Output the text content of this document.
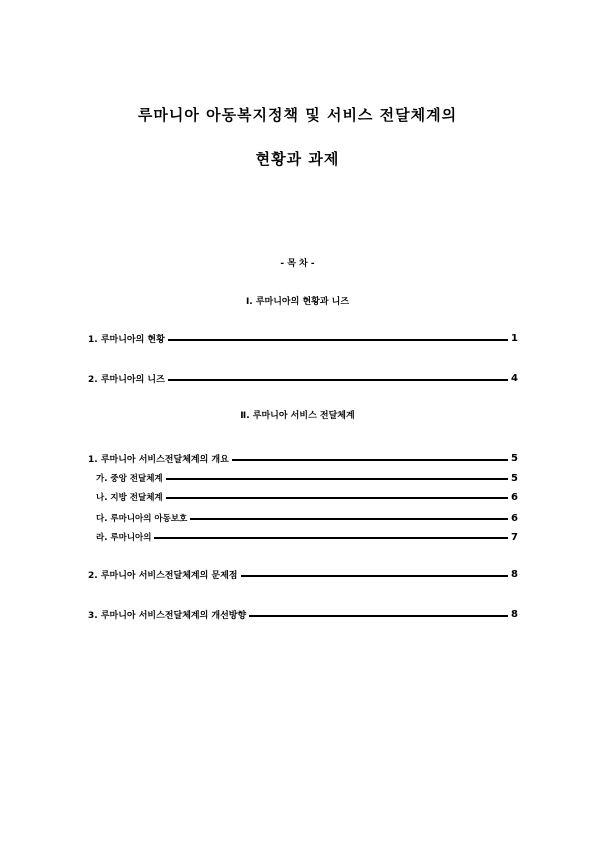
루마니아 아동복지정책 및 서비스 전달체계의
현황과 과제
- 목 차 -
Ⅰ. 루마니아의 현황과 니즈
1. 루마니아의 현황	1
2. 루마니아의 니즈	4
Ⅱ. 루마니아 서비스 전달체계
1. 루마니아 서비스전달체계의 개요	5
가. 중앙 전달체계	5
나. 지방 전달체계	6
다. 루마니아의 아동보호	6
라. 루마니아의	7
2. 루마니아 서비스전달체계의 문제점	8
3. 루마니아 서비스전달체계의 개선방향	8
